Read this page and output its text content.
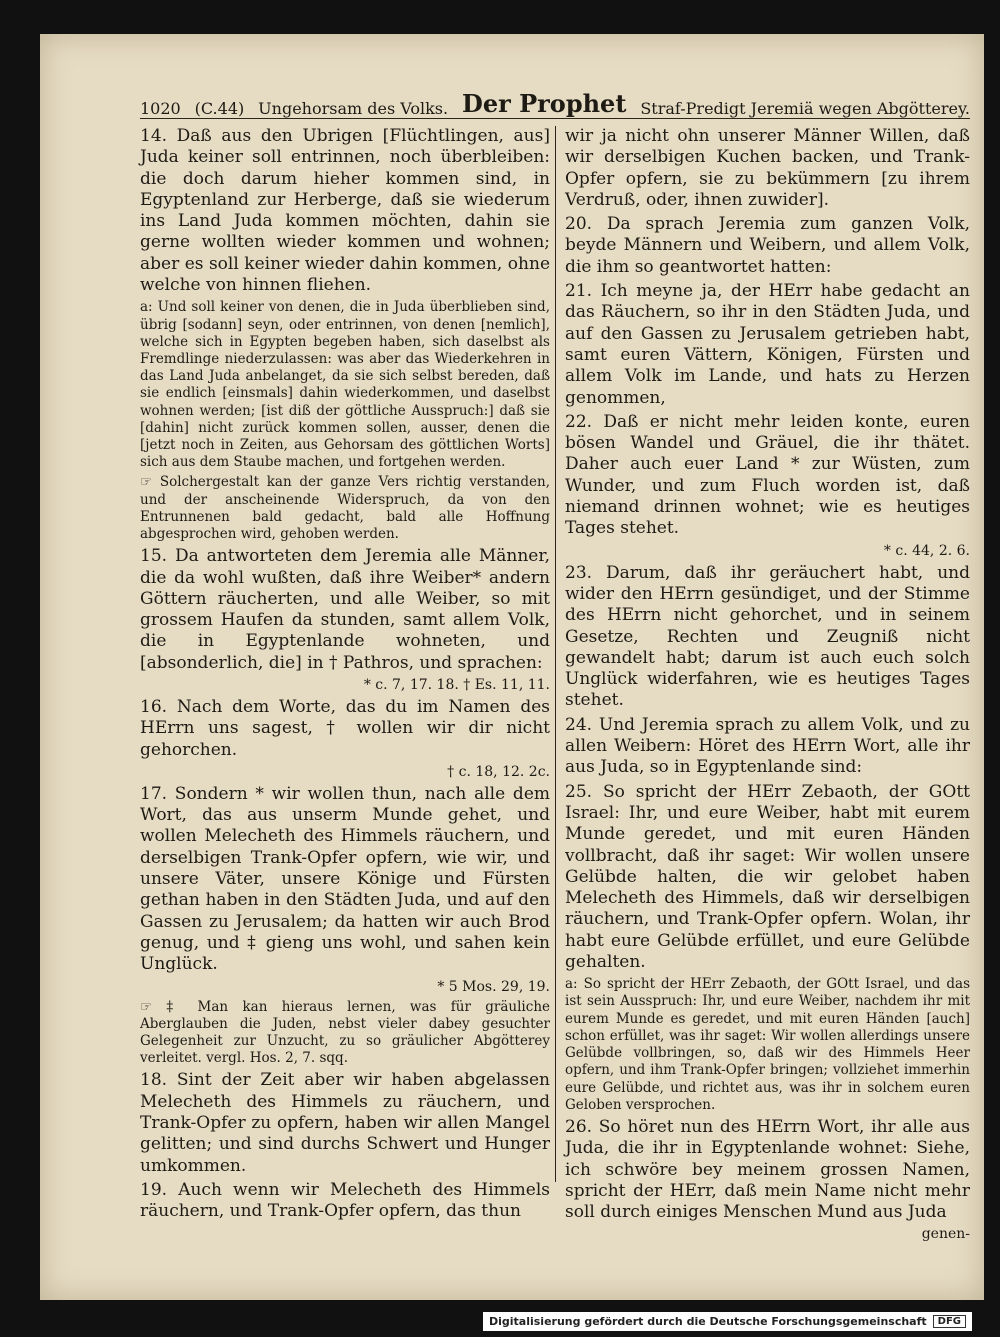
1020 (C.44) Ungehorsam des Volks. Der Prophet Straf-Predigt Jeremiä wegen Abgötterey.

14. Daß aus den Ubrigen [Flüchtlingen, aus] Juda keiner soll entrinnen, noch überbleiben: die doch darum hieher kommen sind, in Egyptenland zur Herberge, daß sie wiederum ins Land Juda kommen möchten, dahin sie gerne wollten wieder kommen und wohnen; aber es soll keiner wieder dahin kommen, ohne welche von hinnen fliehen.

a: Und soll keiner von denen, die in Juda überblieben sind, übrig [sodann] seyn, oder entrinnen, von denen [nemlich], welche sich in Egypten begeben haben, sich daselbst als Fremdlinge niederzulassen: was aber das Wiederkehren in das Land Juda anbelanget, da sie sich selbst bereden, daß sie endlich [einsmals] dahin wiederkommen, und daselbst wohnen werden; [ist diß der göttliche Ausspruch:] daß sie [dahin] nicht zurück kommen sollen, ausser, denen die [jetzt noch in Zeiten, aus Gehorsam des göttlichen Worts] sich aus dem Staube machen, und fortgehen werden.

☞ Solchergestalt kan der ganze Vers richtig verstanden, und der anscheinende Widerspruch, da von den Entrunnenen bald gedacht, bald alle Hoffnung abgesprochen wird, gehoben werden.

15. Da antworteten dem Jeremia alle Männer, die da wohl wußten, daß ihre Weiber* andern Göttern räucherten, und alle Weiber, so mit grossem Haufen da stunden, samt allem Volk, die in Egyptenlande wohneten, und [absonderlich, die] in † Pathros, und sprachen:

* c. 7, 17. 18. † Es. 11, 11.

16. Nach dem Worte, das du im Namen des HErrn uns sagest, † wollen wir dir nicht gehorchen.

† c. 18, 12. 2c.

17. Sondern * wir wollen thun, nach alle dem Wort, das aus unserm Munde gehet, und wollen Melecheth des Himmels räuchern, und derselbigen Trank-Opfer opfern, wie wir, und unsere Väter, unsere Könige und Fürsten gethan haben in den Städten Juda, und auf den Gassen zu Jerusalem; da hatten wir auch Brod genug, und ‡ gieng uns wohl, und sahen kein Unglück.

* 5 Mos. 29, 19.

☞ ‡ Man kan hieraus lernen, was für gräuliche Aberglauben die Juden, nebst vieler dabey gesuchter Gelegenheit zur Unzucht, zu so gräulicher Abgötterey verleitet. vergl. Hos. 2, 7. sqq.

18. Sint der Zeit aber wir haben abgelassen Melecheth des Himmels zu räuchern, und Trank-Opfer zu opfern, haben wir allen Mangel gelitten; und sind durchs Schwert und Hunger umkommen.

19. Auch wenn wir Melecheth des Himmels räuchern, und Trank-Opfer opfern, das thun

wir ja nicht ohn unserer Männer Willen, daß wir derselbigen Kuchen backen, und Trank-Opfer opfern, sie zu bekümmern [zu ihrem Verdruß, oder, ihnen zuwider].

20. Da sprach Jeremia zum ganzen Volk, beyde Männern und Weibern, und allem Volk, die ihm so geantwortet hatten:

21. Ich meyne ja, der HErr habe gedacht an das Räuchern, so ihr in den Städten Juda, und auf den Gassen zu Jerusalem getrieben habt, samt euren Vättern, Königen, Fürsten und allem Volk im Lande, und hats zu Herzen genommen,

22. Daß er nicht mehr leiden konte, euren bösen Wandel und Gräuel, die ihr thätet. Daher auch euer Land * zur Wüsten, zum Wunder, und zum Fluch worden ist, daß niemand drinnen wohnet; wie es heutiges Tages stehet.

* c. 44, 2. 6.

23. Darum, daß ihr geräuchert habt, und wider den HErrn gesündiget, und der Stimme des HErrn nicht gehorchet, und in seinem Gesetze, Rechten und Zeugniß nicht gewandelt habt; darum ist auch euch solch Unglück widerfahren, wie es heutiges Tages stehet.

24. Und Jeremia sprach zu allem Volk, und zu allen Weibern: Höret des HErrn Wort, alle ihr aus Juda, so in Egyptenlande sind:

25. So spricht der HErr Zebaoth, der GOtt Israel: Ihr, und eure Weiber, habt mit eurem Munde geredet, und mit euren Händen vollbracht, daß ihr saget: Wir wollen unsere Gelübde halten, die wir gelobet haben Melecheth des Himmels, daß wir derselbigen räuchern, und Trank-Opfer opfern. Wolan, ihr habt eure Gelübde erfüllet, und eure Gelübde gehalten.

a: So spricht der HErr Zebaoth, der GOtt Israel, und das ist sein Ausspruch: Ihr, und eure Weiber, nachdem ihr mit eurem Munde es geredet, und mit euren Händen [auch] schon erfüllet, was ihr saget: Wir wollen allerdings unsere Gelübde vollbringen, so, daß wir des Himmels Heer opfern, und ihm Trank-Opfer bringen; vollziehet immerhin eure Gelübde, und richtet aus, was ihr in solchem euren Geloben versprochen.

26. So höret nun des HErrn Wort, ihr alle aus Juda, die ihr in Egyptenlande wohnet: Siehe, ich schwöre bey meinem grossen Namen, spricht der HErr, daß mein Name nicht mehr soll durch einiges Menschen Mund aus Juda

genen-

Digitalisierung gefördert durch die Deutsche Forschungsgemeinschaft	DFG
